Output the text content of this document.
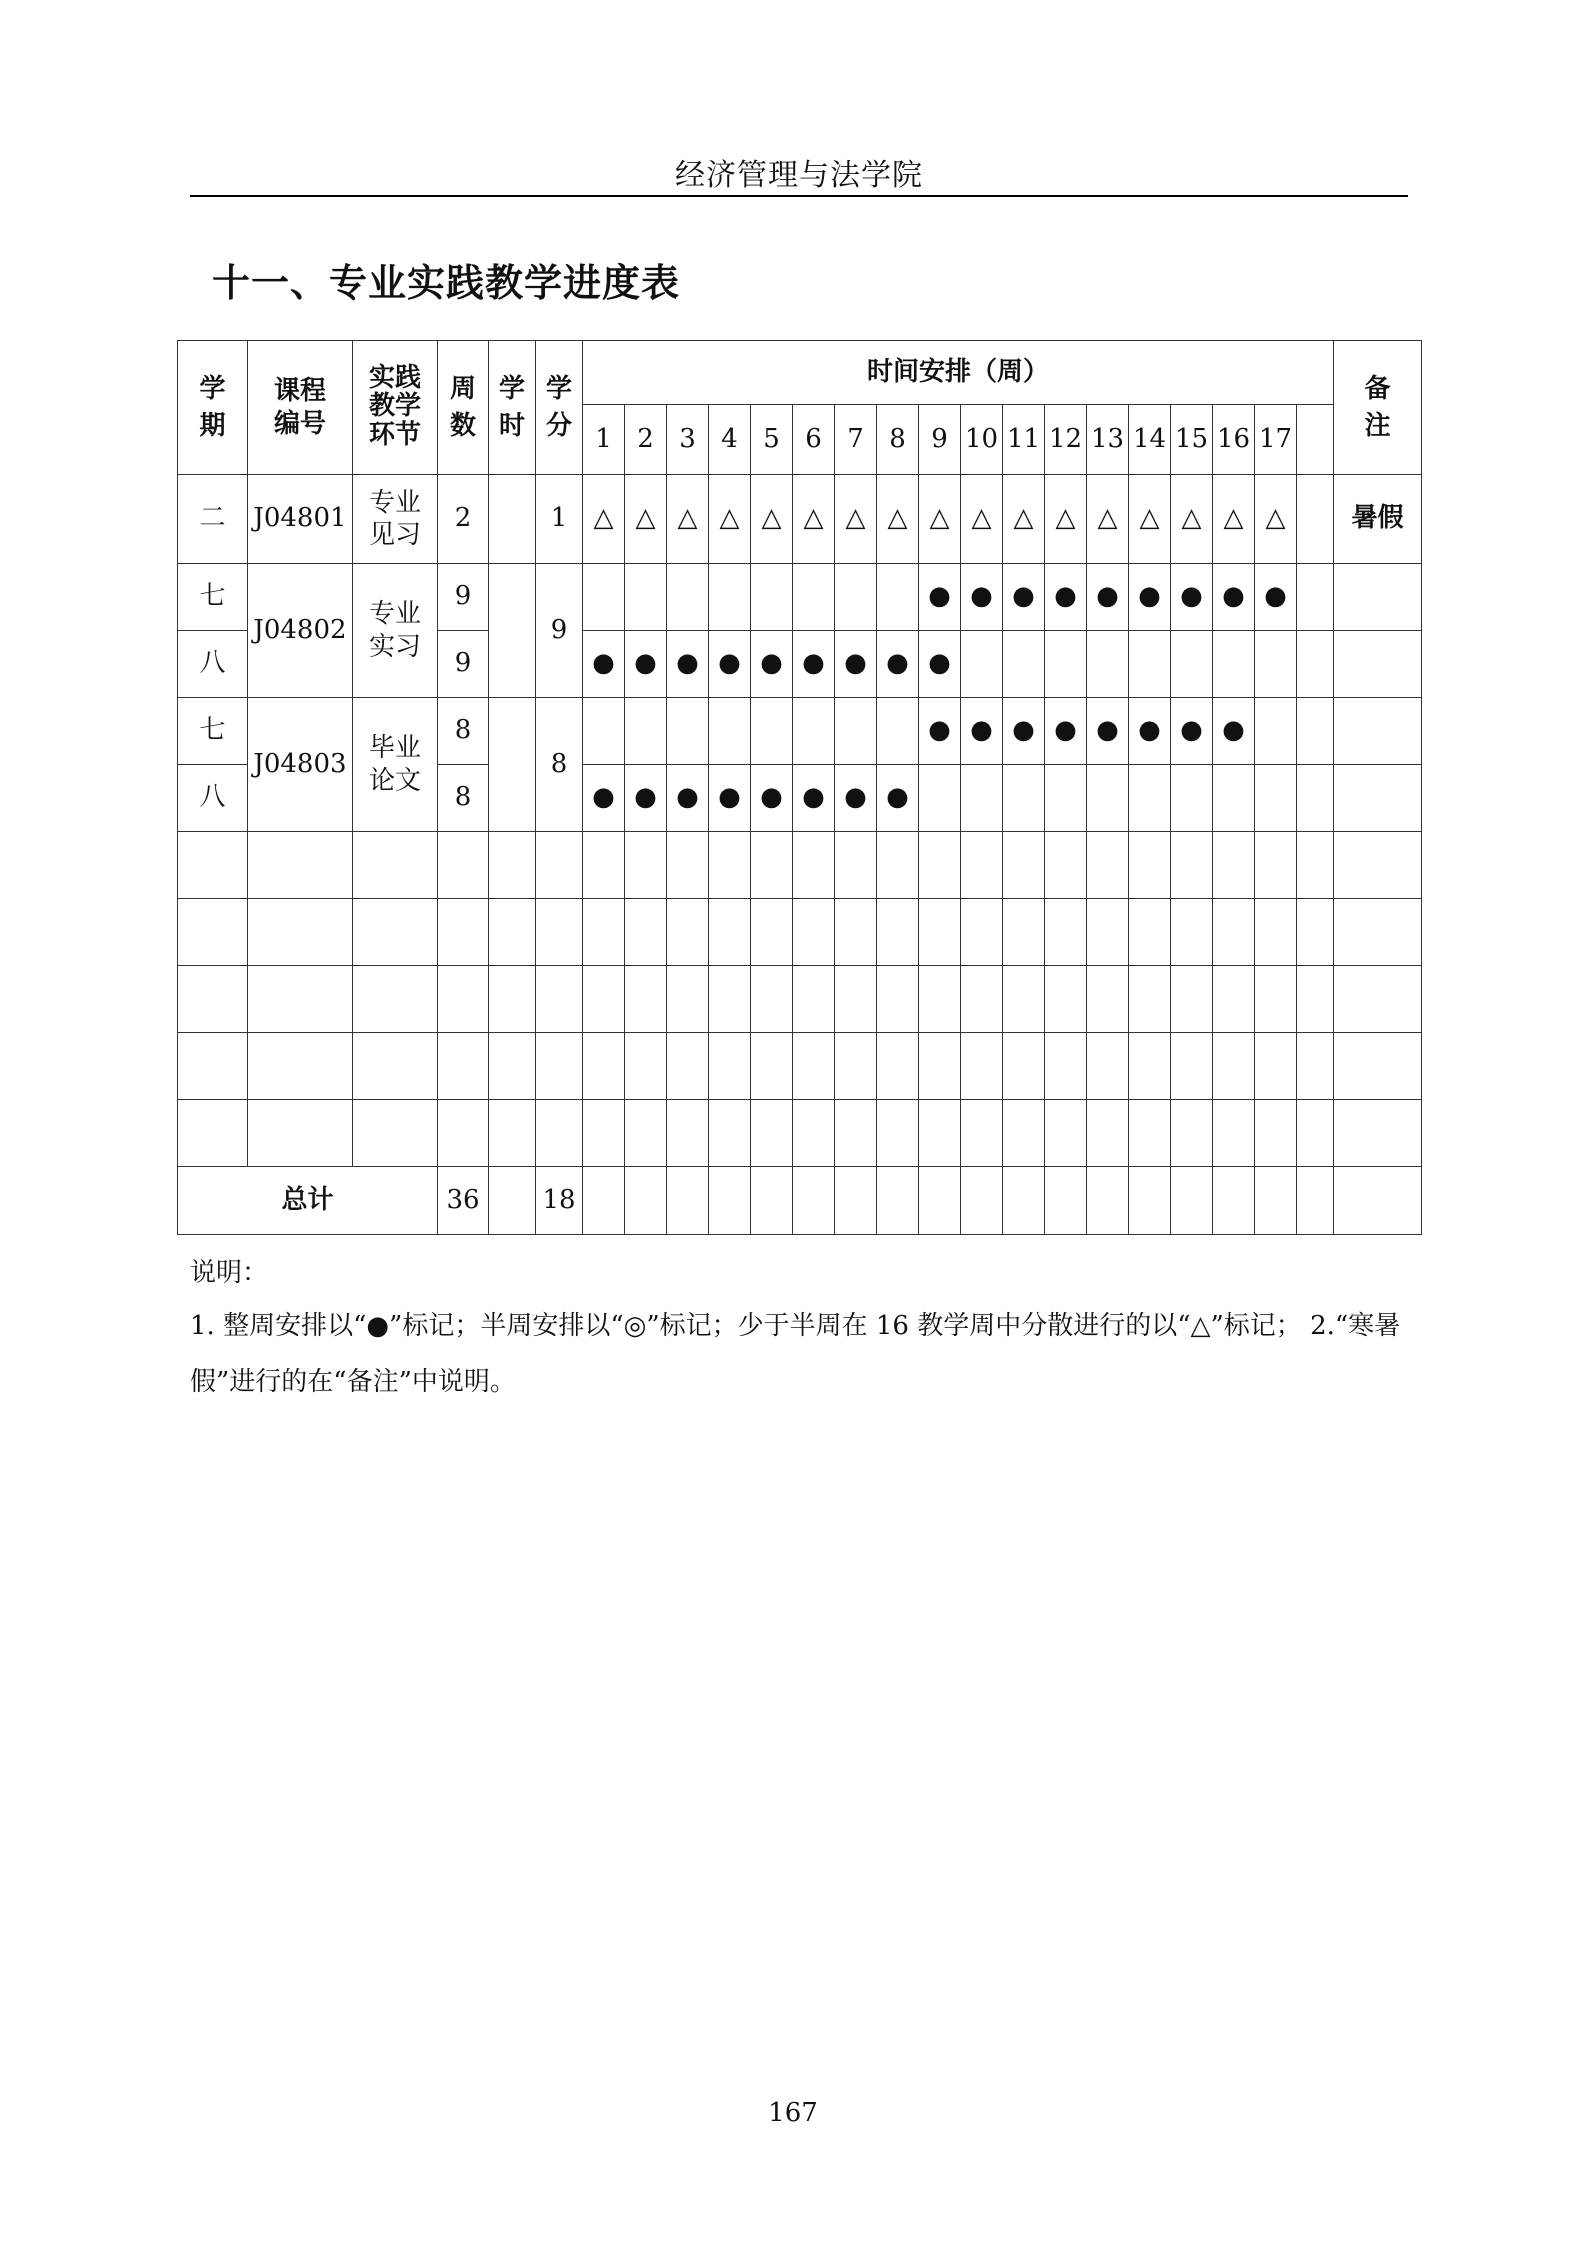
经济管理与法学院
十一、专业实践教学进度表
学期	课程编号	实践教学环节	周数	学时	学分	时间安排（周）																		备注
						1	2	3	4	5	6	7	8	9	10	11	12	13	14	15	16	17		
二	J04801	专业见习	2		1	△	△	△	△	△	△	△	△	△	△	△	△	△	△	△	△	△		暑假
七	J04802	专业实习	9		9									●	●	●	●	●	●	●	●	●		
八			9			●	●	●	●	●	●	●	●	●										
七	J04803	毕业论文	8		8									●	●	●	●	●	●	●	●			
八			8			●	●	●	●	●	●	●	●											

总计			36		18																			
说明：
1. 整周安排以“●”标记；半周安排以“◎”标记；少于半周在 16 教学周中分散进行的以“△”标记； 2.“寒暑假”进行的在“备注”中说明。
167
